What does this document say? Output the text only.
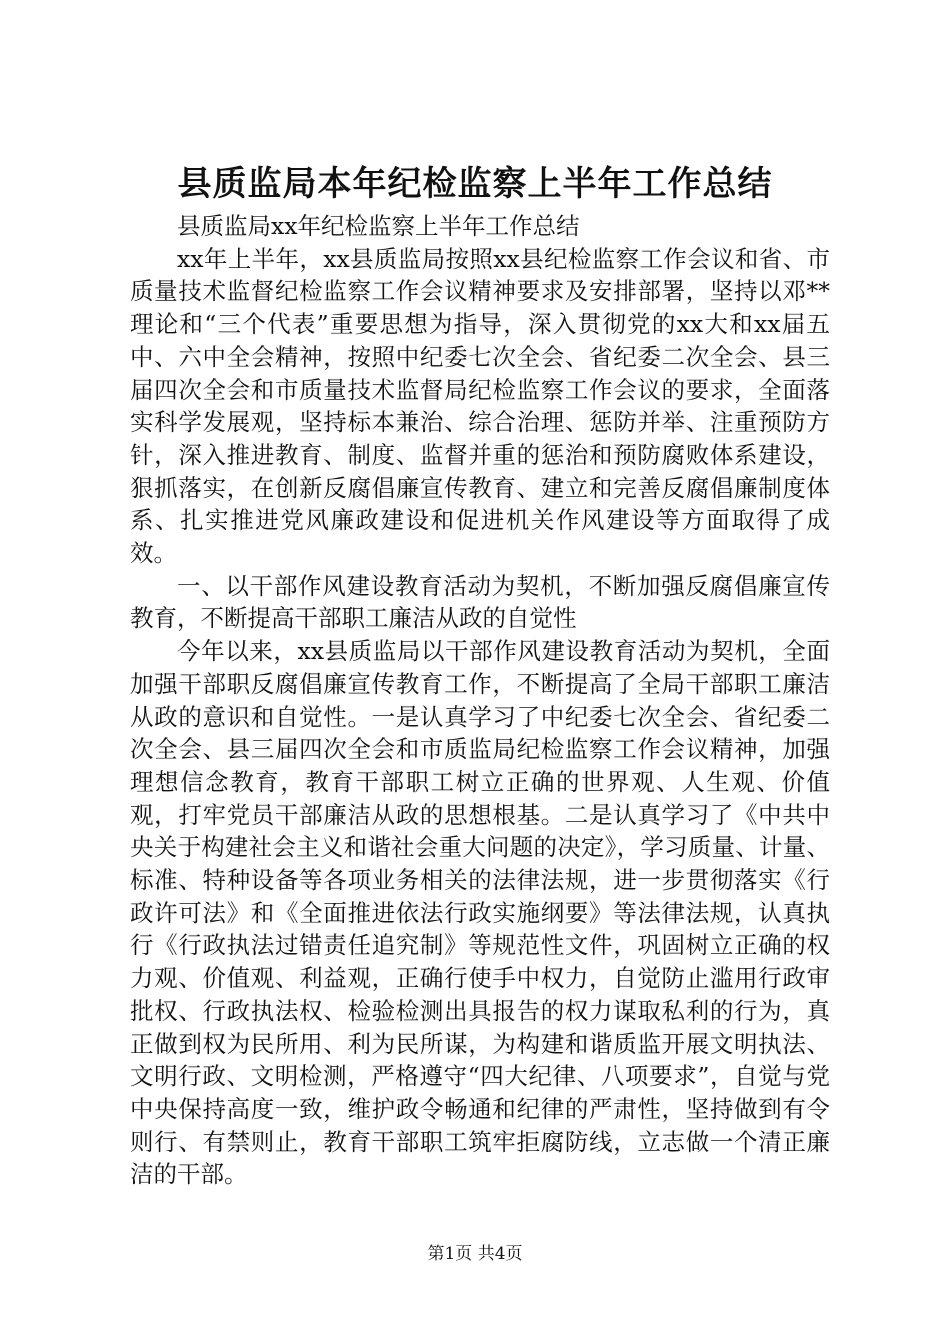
县质监局本年纪检监察上半年工作总结

县质监局xx年纪检监察上半年工作总结

xx年上半年，xx县质监局按照xx县纪检监察工作会议和省、市质量技术监督纪检监察工作会议精神要求及安排部署，坚持以邓**理论和“三个代表”重要思想为指导，深入贯彻党的xx大和xx届五中、六中全会精神，按照中纪委七次全会、省纪委二次全会、县三届四次全会和市质量技术监督局纪检监察工作会议的要求，全面落实科学发展观，坚持标本兼治、综合治理、惩防并举、注重预防方针，深入推进教育、制度、监督并重的惩治和预防腐败体系建设，狠抓落实，在创新反腐倡廉宣传教育、建立和完善反腐倡廉制度体系、扎实推进党风廉政建设和促进机关作风建设等方面取得了成效。

一、以干部作风建设教育活动为契机，不断加强反腐倡廉宣传教育，不断提高干部职工廉洁从政的自觉性

今年以来，xx县质监局以干部作风建设教育活动为契机，全面加强干部职反腐倡廉宣传教育工作，不断提高了全局干部职工廉洁从政的意识和自觉性。一是认真学习了中纪委七次全会、省纪委二次全会、县三届四次全会和市质监局纪检监察工作会议精神，加强理想信念教育，教育干部职工树立正确的世界观、人生观、价值观，打牢党员干部廉洁从政的思想根基。二是认真学习了《中共中央关于构建社会主义和谐社会重大问题的决定》，学习质量、计量、标准、特种设备等各项业务相关的法律法规，进一步贯彻落实《行政许可法》和《全面推进依法行政实施纲要》等法律法规，认真执行《行政执法过错责任追究制》等规范性文件，巩固树立正确的权力观、价值观、利益观，正确行使手中权力，自觉防止滥用行政审批权、行政执法权、检验检测出具报告的权力谋取私利的行为，真正做到权为民所用、利为民所谋，为构建和谐质监开展文明执法、文明行政、文明检测，严格遵守“四大纪律、八项要求”，自觉与党中央保持高度一致，维护政令畅通和纪律的严肃性，坚持做到有令则行、有禁则止，教育干部职工筑牢拒腐防线，立志做一个清正廉洁的干部。

第1页 共4页
